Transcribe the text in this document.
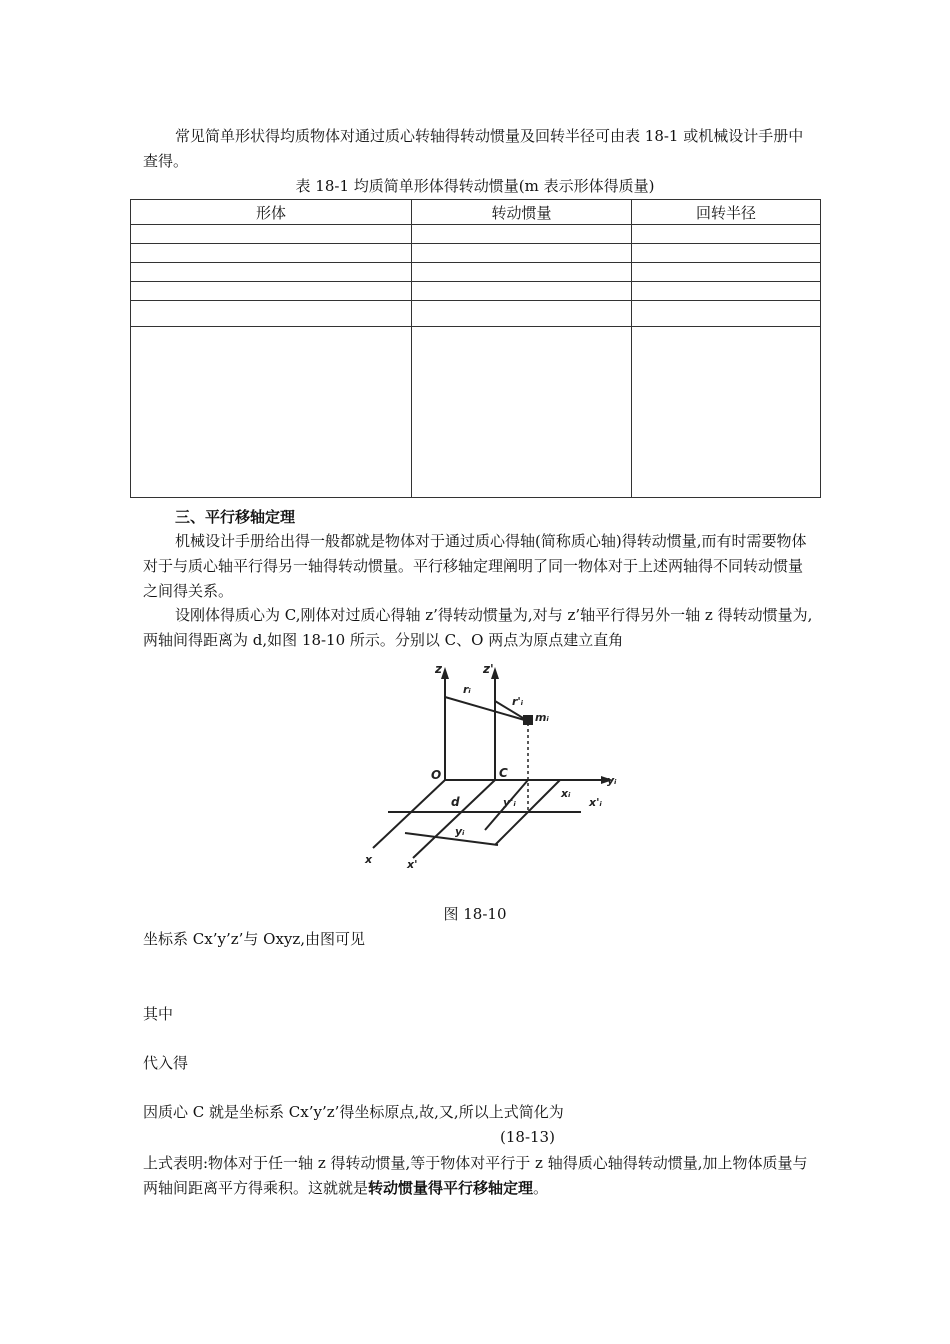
常见简单形状得均质物体对通过质心转轴得转动惯量及回转半径可由表 18-1 或机械设计手册中查得。

表 18-1 均质简单形体得转动惯量(m 表示形体得质量)

形体	转动惯量	回转半径

三、平行移轴定理

机械设计手册给出得一般都就是物体对于通过质心得轴(简称质心轴)得转动惯量,而有时需要物体对于与质心轴平行得另一轴得转动惯量。平行移轴定理阐明了同一物体对于上述两轴得不同转动惯量之间得关系。

设刚体得质心为 C,刚体对过质心得轴 z’得转动惯量为,对与 z’轴平行得另外一轴 z 得转动惯量为,两轴间得距离为 d,如图 18-10 所示。分别以 C、O 两点为原点建立直角

z	z'
rᵢ
r'ᵢ
mᵢ
O	C
yᵢ
d	y'ᵢ
xᵢ
x'ᵢ
yᵢ
x	x'

图 18-10

坐标系 Cx’y’z’与 Oxyz,由图可见

其中

代入得

因质心 C 就是坐标系 Cx’y’z’得坐标原点,故,又,所以上式简化为

(18-13)

上式表明:物体对于任一轴 z 得转动惯量,等于物体对平行于 z 轴得质心轴得转动惯量,加上物体质量与两轴间距离平方得乘积。这就就是转动惯量得平行移轴定理。
